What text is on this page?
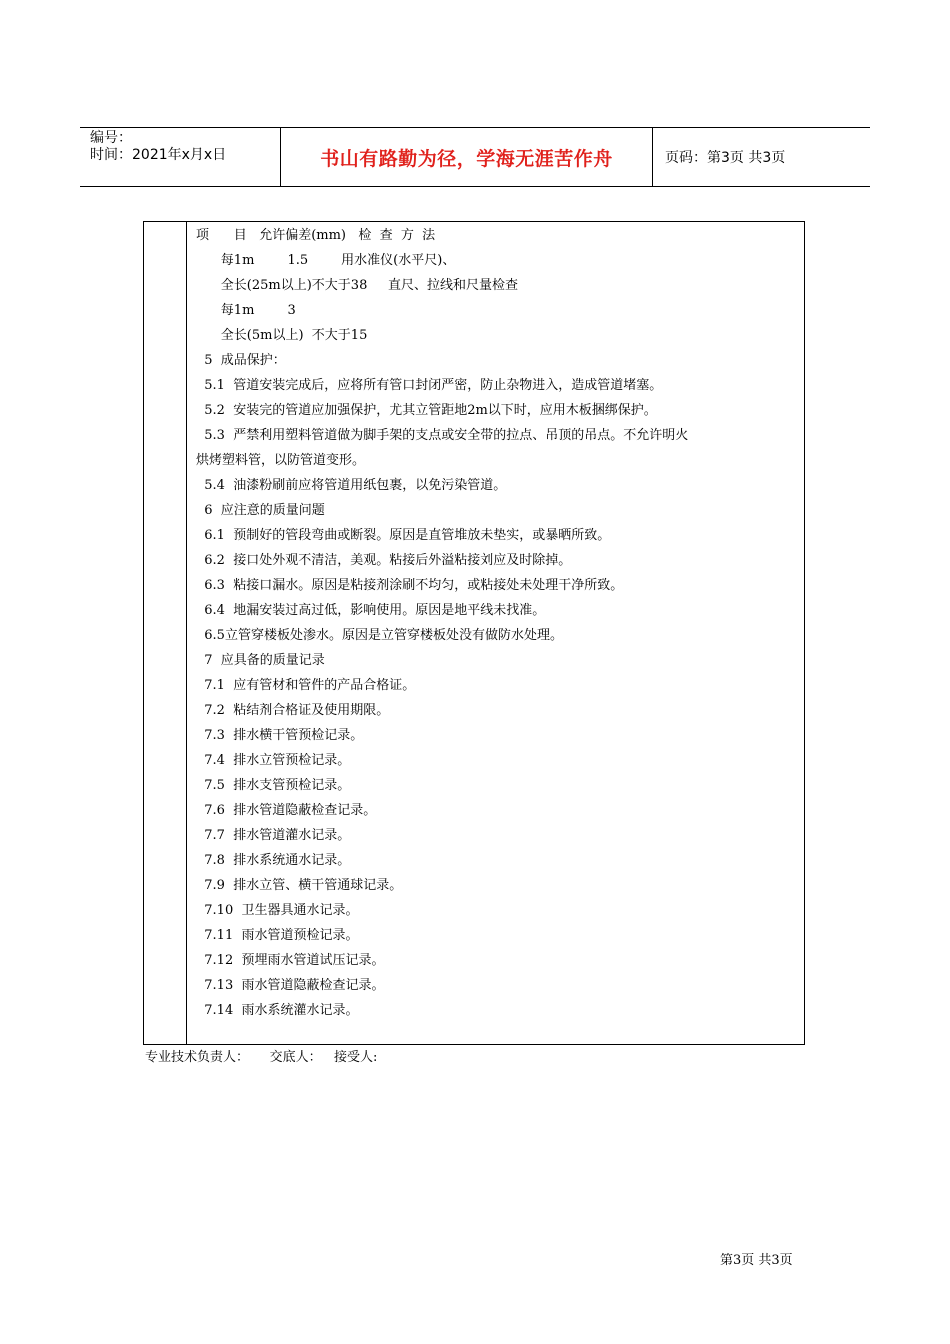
编号：
时间：2021年x月x日	书山有路勤为径，学海无涯苦作舟	页码：第3页 共3页
项      目   允许偏差(mm)   检  查  方  法
每1m        1.5        用水准仪(水平尺)、
全长(25m以上)不大于38     直尺、拉线和尺量检查
每1m        3
全长(5m以上)  不大于15
5  成品保护：
5.1  管道安装完成后，应将所有管口封闭严密，防止杂物进入，造成管道堵塞。
5.2  安装完的管道应加强保护，尤其立管距地2m以下时，应用木板捆绑保护。
5.3  严禁利用塑料管道做为脚手架的支点或安全带的拉点、吊顶的吊点。不允许明火
烘烤塑料管，以防管道变形。
5.4  油漆粉刷前应将管道用纸包裹，以免污染管道。
6  应注意的质量问题
6.1  预制好的管段弯曲或断裂。原因是直管堆放未垫实，或暴晒所致。
6.2  接口处外观不清洁，美观。粘接后外溢粘接刘应及时除掉。
6.3  粘接口漏水。原因是粘接剂涂刷不均匀，或粘接处未处理干净所致。
6.4  地漏安装过高过低，影响使用。原因是地平线未找准。
6.5立管穿楼板处渗水。原因是立管穿楼板处没有做防水处理。
7  应具备的质量记录
7.1  应有管材和管件的产品合格证。
7.2  粘结剂合格证及使用期限。
7.3  排水横干管预检记录。
7.4  排水立管预检记录。
7.5  排水支管预检记录。
7.6  排水管道隐蔽检查记录。
7.7  排水管道灌水记录。
7.8  排水系统通水记录。
7.9  排水立管、横干管通球记录。
7.10  卫生器具通水记录。
7.11  雨水管道预检记录。
7.12  预埋雨水管道试压记录。
7.13  雨水管道隐蔽检查记录。
7.14  雨水系统灌水记录。
专业技术负责人：     交底人：   接受人:
第3页 共3页
